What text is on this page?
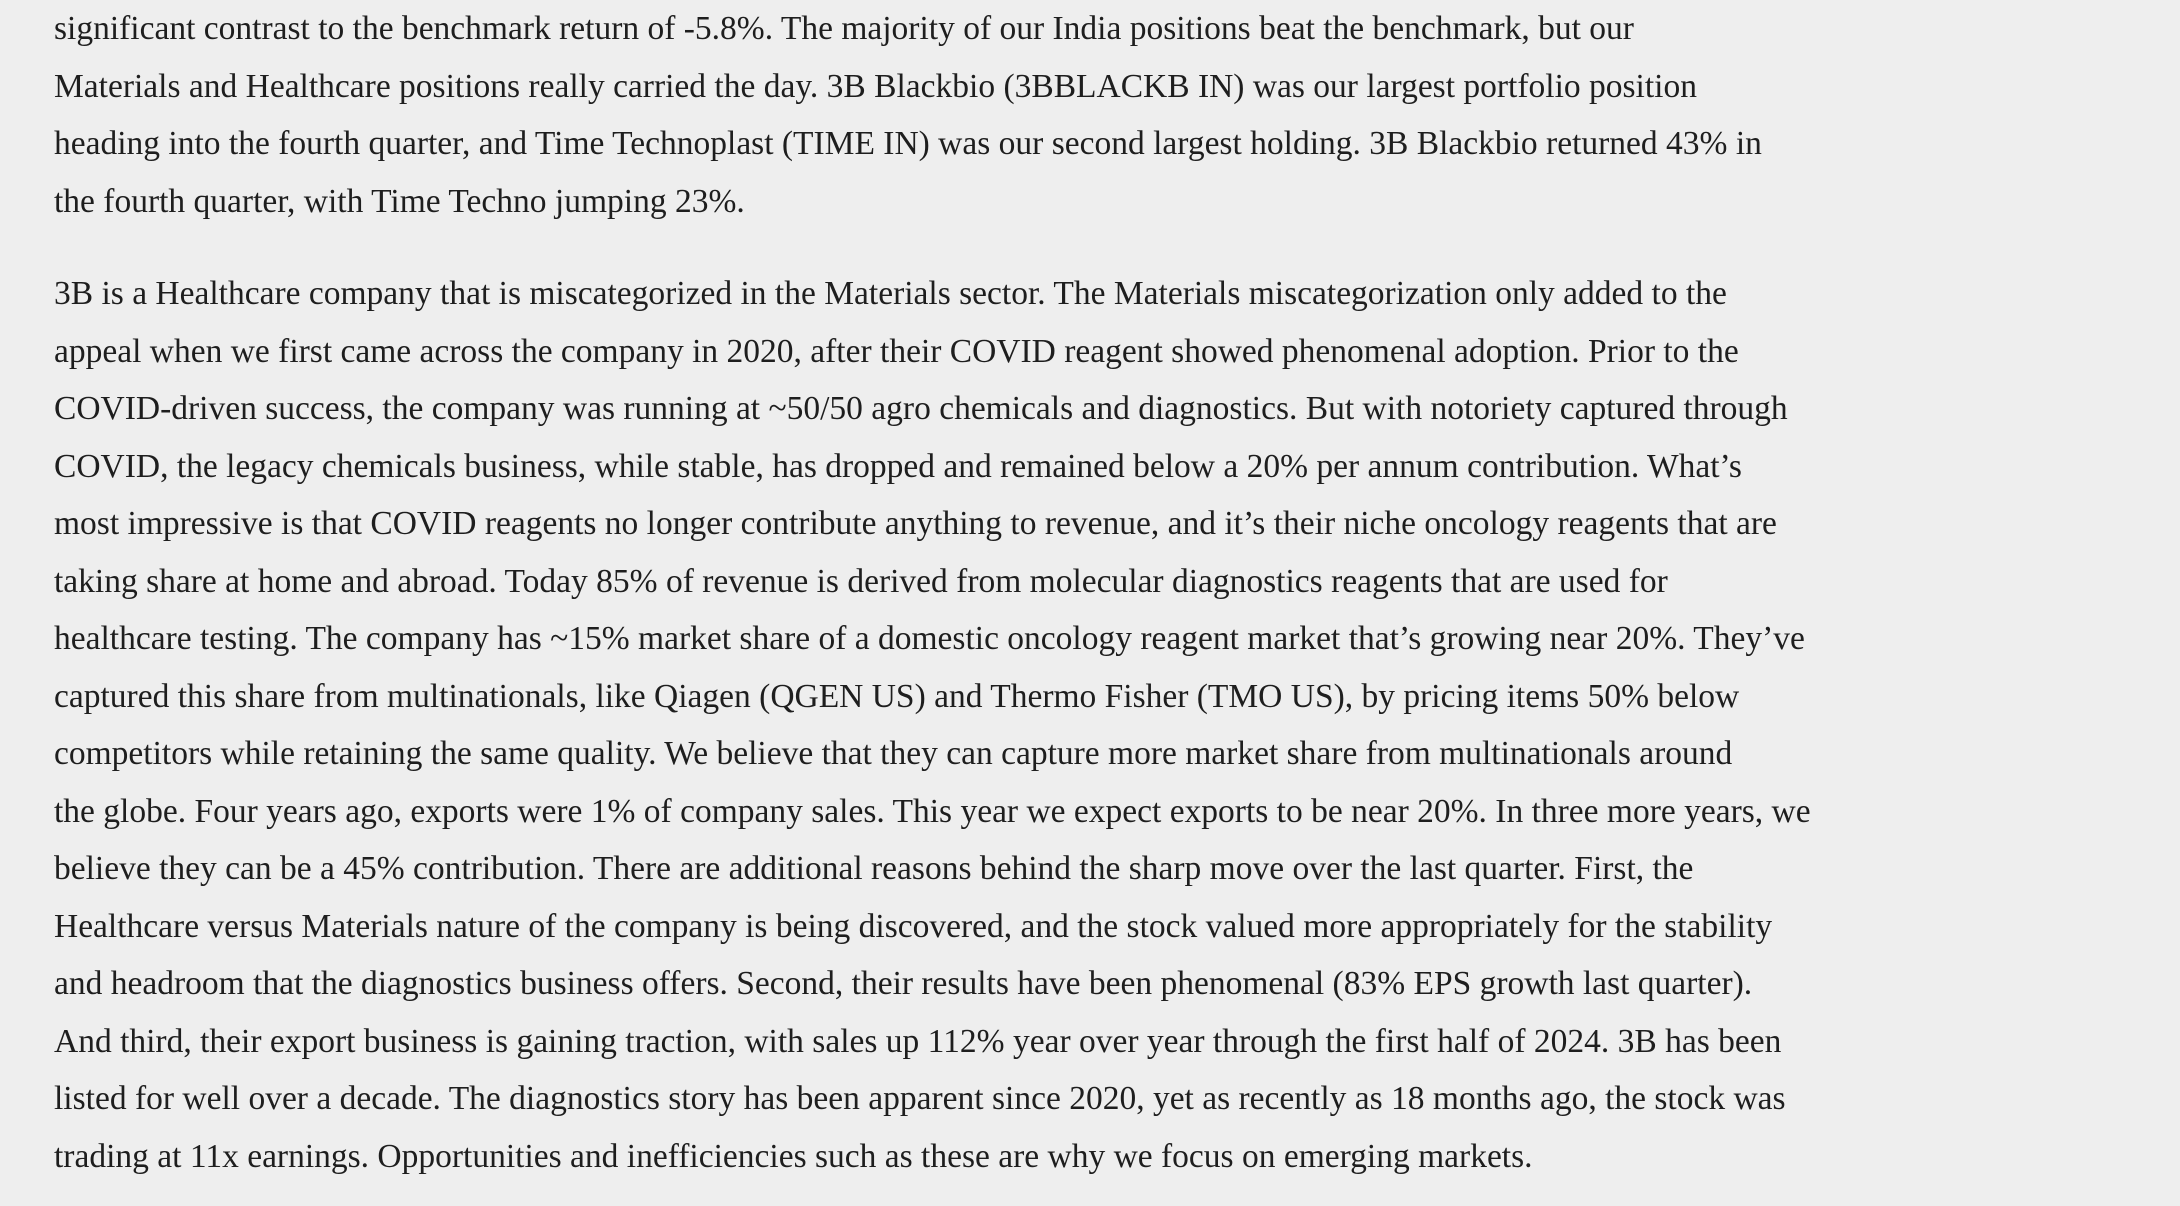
significant contrast to the benchmark return of -5.8%. The majority of our India positions beat the benchmark, but our
Materials and Healthcare positions really carried the day. 3B Blackbio (3BBLACKB IN) was our largest portfolio position
heading into the fourth quarter, and Time Technoplast (TIME IN) was our second largest holding. 3B Blackbio returned 43% in
the fourth quarter, with Time Techno jumping 23%.

3B is a Healthcare company that is miscategorized in the Materials sector. The Materials miscategorization only added to the
appeal when we first came across the company in 2020, after their COVID reagent showed phenomenal adoption. Prior to the
COVID-driven success, the company was running at ~50/50 agro chemicals and diagnostics. But with notoriety captured through
COVID, the legacy chemicals business, while stable, has dropped and remained below a 20% per annum contribution. What’s
most impressive is that COVID reagents no longer contribute anything to revenue, and it’s their niche oncology reagents that are
taking share at home and abroad. Today 85% of revenue is derived from molecular diagnostics reagents that are used for
healthcare testing. The company has ~15% market share of a domestic oncology reagent market that’s growing near 20%. They’ve
captured this share from multinationals, like Qiagen (QGEN US) and Thermo Fisher (TMO US), by pricing items 50% below
competitors while retaining the same quality. We believe that they can capture more market share from multinationals around
the globe. Four years ago, exports were 1% of company sales. This year we expect exports to be near 20%. In three more years, we
believe they can be a 45% contribution. There are additional reasons behind the sharp move over the last quarter. First, the
Healthcare versus Materials nature of the company is being discovered, and the stock valued more appropriately for the stability
and headroom that the diagnostics business offers. Second, their results have been phenomenal (83% EPS growth last quarter).
And third, their export business is gaining traction, with sales up 112% year over year through the first half of 2024. 3B has been
listed for well over a decade. The diagnostics story has been apparent since 2020, yet as recently as 18 months ago, the stock was
trading at 11x earnings. Opportunities and inefficiencies such as these are why we focus on emerging markets.
